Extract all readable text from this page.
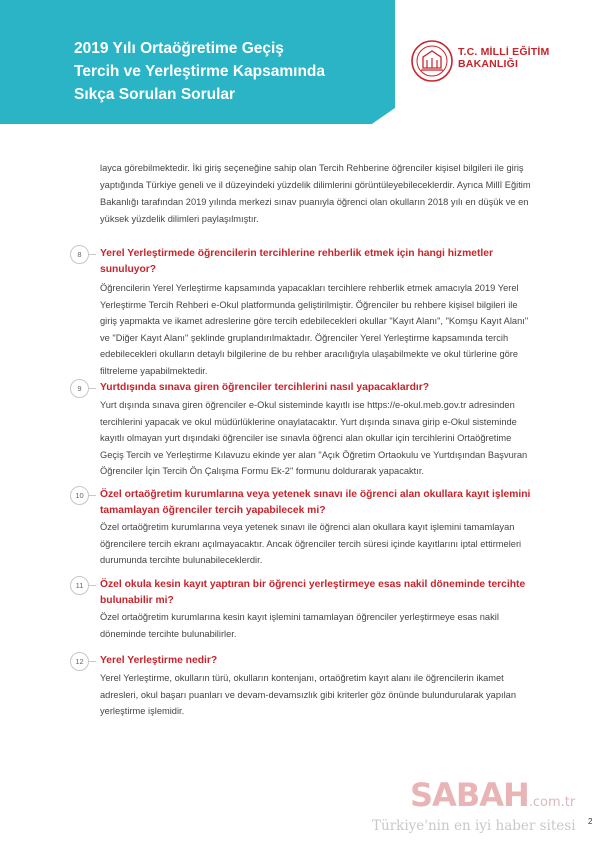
2019 Yılı Ortaöğretime Geçiş
Tercih ve Yerleştirme Kapsamında
Sıkça Sorulan Sorular
T.C. MİLLİ EĞİTİM
BAKANLIĞI

layca görebilmektedir. İki giriş seçeneğine sahip olan Tercih Rehberine öğrenciler kişisel bilgileri ile giriş yaptığında Türkiye geneli ve il düzeyindeki yüzdelik dilimlerini görüntüleyebileceklerdir. Ayrıca Millî Eğitim Bakanlığı tarafından 2019 yılında merkezi sınav puanıyla öğrenci olan okulların 2018 yılı en düşük ve en yüksek yüzdelik dilimleri paylaşılmıştır.

8	Yerel Yerleştirmede öğrencilerin tercihlerine rehberlik etmek için hangi hizmetler sunuluyor?
Öğrencilerin Yerel Yerleştirme kapsamında yapacakları tercihlere rehberlik etmek amacıyla 2019 Yerel Yerleştirme Tercih Rehberi e-Okul platformunda geliştirilmiştir. Öğrenciler bu rehbere kişisel bilgileri ile giriş yapmakta ve ikamet adreslerine göre tercih edebilecekleri okullar "Kayıt Alanı", "Komşu Kayıt Alanı" ve "Diğer Kayıt Alanı" şeklinde gruplandırılmaktadır. Öğrenciler Yerel Yerleştirme kapsamında tercih edebilecekleri okulların detaylı bilgilerine de bu rehber aracılığıyla ulaşabilmekte ve okul türlerine göre filtreleme yapabilmektedir.
9	Yurtdışında sınava giren öğrenciler tercihlerini nasıl yapacaklardır?
Yurt dışında sınava giren öğrenciler e-Okul sisteminde kayıtlı ise https://e-okul.meb.gov.tr adresinden tercihlerini yapacak ve okul müdürlüklerine onaylatacaktır. Yurt dışında sınava girip e-Okul sisteminde kayıtlı olmayan yurt dışındaki öğrenciler ise sınavla öğrenci alan okullar için tercihlerini Ortaöğretime Geçiş Tercih ve Yerleştirme Kılavuzu ekinde yer alan "Açık Öğretim Ortaokulu ve Yurtdışından Başvuran Öğrenciler İçin Tercih Ön Çalışma Formu Ek-2" formunu doldurarak yapacaktır.
10	Özel ortaöğretim kurumlarına veya yetenek sınavı ile öğrenci alan okullara kayıt işlemini tamamlayan öğrenciler tercih yapabilecek mi?
Özel ortaöğretim kurumlarına veya yetenek sınavı ile öğrenci alan okullara kayıt işlemini tamamlayan öğrencilere tercih ekranı açılmayacaktır. Ancak öğrenciler tercih süresi içinde kayıtlarını iptal ettirmeleri durumunda tercihte bulunabileceklerdir.
11	Özel okula kesin kayıt yaptıran bir öğrenci yerleştirmeye esas nakil döneminde tercihte bulunabilir mi?
Özel ortaöğretim kurumlarına kesin kayıt işlemini tamamlayan öğrenciler yerleştirmeye esas nakil döneminde tercihte bulunabilirler.
12	Yerel Yerleştirme nedir?
Yerel Yerleştirme, okulların türü, okulların kontenjanı, ortaöğretim kayıt alanı ile öğrencilerin ikamet adresleri, okul başarı puanları ve devam-devamsızlık gibi kriterler göz önünde bulundurularak yapılan yerleştirme işlemidir.
SABAH.com.tr
Türkiye'nin en iyi haber sitesi 2
